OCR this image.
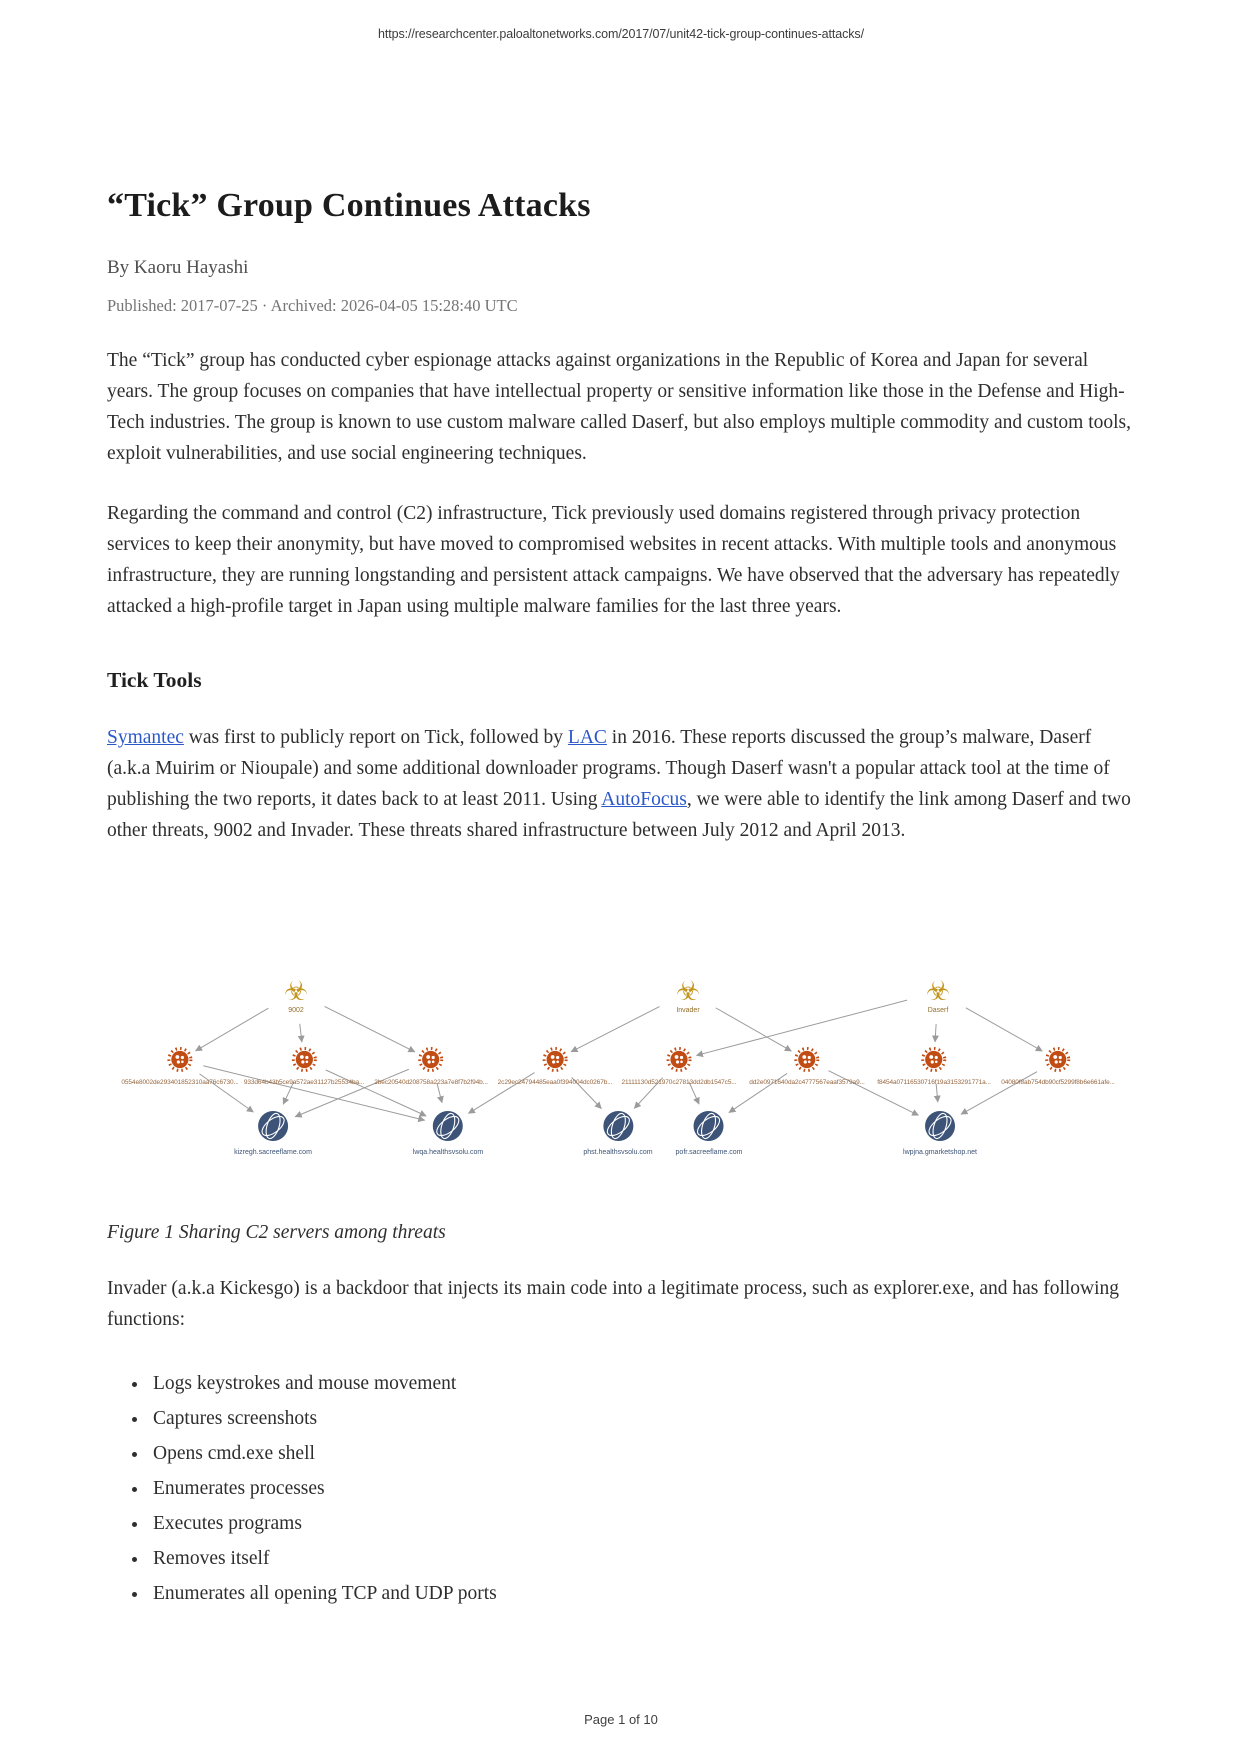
https://researchcenter.paloaltonetworks.com/2017/07/unit42-tick-group-continues-attacks/
“Tick” Group Continues Attacks
By Kaoru Hayashi
Published: 2017-07-25 · Archived: 2026-04-05 15:28:40 UTC

The “Tick” group has conducted cyber espionage attacks against organizations in the Republic of Korea and Japan for several years. The group focuses on companies that have intellectual property or sensitive information like those in the Defense and High-Tech industries. The group is known to use custom malware called Daserf, but also employs multiple commodity and custom tools, exploit vulnerabilities, and use social engineering techniques.

Regarding the command and control (C2) infrastructure, Tick previously used domains registered through privacy protection services to keep their anonymity, but have moved to compromised websites in recent attacks. With multiple tools and anonymous infrastructure, they are running longstanding and persistent attack campaigns. We have observed that the adversary has repeatedly attacked a high-profile target in Japan using multiple malware families for the last three years.

Tick Tools

Symantec was first to publicly report on Tick, followed by LAC in 2016. These reports discussed the group’s malware, Daserf (a.k.a Muirim or Nioupale) and some additional downloader programs. Though Daserf wasn't a popular attack tool at the time of publishing the two reports, it dates back to at least 2011. Using AutoFocus, we were able to identify the link among Daserf and two other threats, 9002 and Invader. These threats shared infrastructure between July 2012 and April 2013.

☣
9002
☣
Invader
☣
Daserf
0554e8002de293401852310aa76c6730... 933d64b43b5ce9a572ae31127b25534ba... 2bec20540d208758a223a7e8f7b2f94b... 2c29ec24794485eaa0f394004dc0267b... 21111130d521970c27813dd2db1547c5... dd2e0971640da2c4777567eaaf3579a9... f8454a07116530716f19a3153291771a... 04080f8ab754db90cf5299f8b6e661afe...
kizregh.sacreeflame.com	lwqa.healthsvsolu.com	phst.healthsvsolu.com	pofr.sacreeflame.com	lwpjna.gmarketshop.net

Figure 1 Sharing C2 servers among threats

Invader (a.k.a Kickesgo) is a backdoor that injects its main code into a legitimate process, such as explorer.exe, and has following functions:

• Logs keystrokes and mouse movement
• Captures screenshots
• Opens cmd.exe shell
• Enumerates processes
• Executes programs
• Removes itself
• Enumerates all opening TCP and UDP ports
Page 1 of 10
